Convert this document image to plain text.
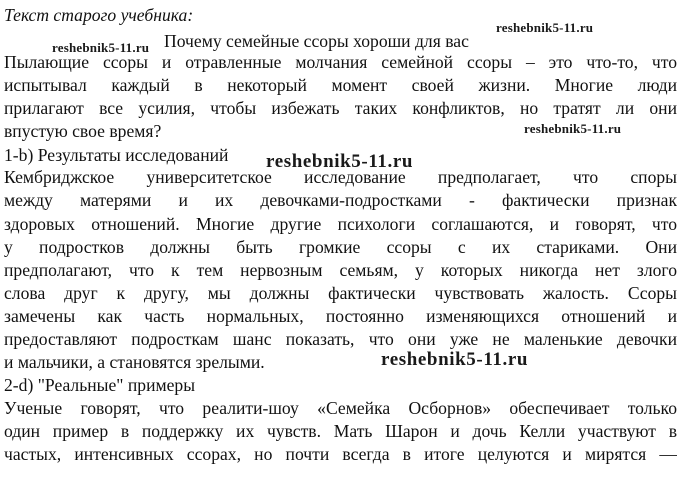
Текст старого учебника:
Почему семейные ссоры хороши для вас
Пылающие ссоры и отравленные молчания семейной ссоры – это что-то, что
испытывал каждый в некоторый момент своей жизни. Многие люди
прилагают все усилия, чтобы избежать таких конфликтов, но тратят ли они
впустую свое время?
1-b) Результаты исследований
Кембриджское университетское исследование предполагает, что споры
между матерями и их девочками-подростками - фактически признак
здоровых отношений. Многие другие психологи соглашаются, и говорят, что
у подростков должны быть громкие ссоры с их стариками. Они
предполагают, что к тем нервозным семьям, у которых никогда нет злого
слова друг к другу, мы должны фактически чувствовать жалость. Ссоры
замечены как часть нормальных, постоянно изменяющихся отношений и
предоставляют подросткам шанс показать, что они уже не маленькие девочки
и мальчики, а становятся зрелыми.
2-d) "Реальные" примеры
Ученые говорят, что реалити-шоу «Семейка Осборнов» обеспечивает только
один пример в поддержку их чувств. Мать Шарон и дочь Келли участвуют в
частых, интенсивных ссорах, но почти всегда в итоге целуются и мирятся —
reshebnik5-11.ru
reshebnik5-11.ru
reshebnik5-11.ru
reshebnik5-11.ru
reshebnik5-11.ru
